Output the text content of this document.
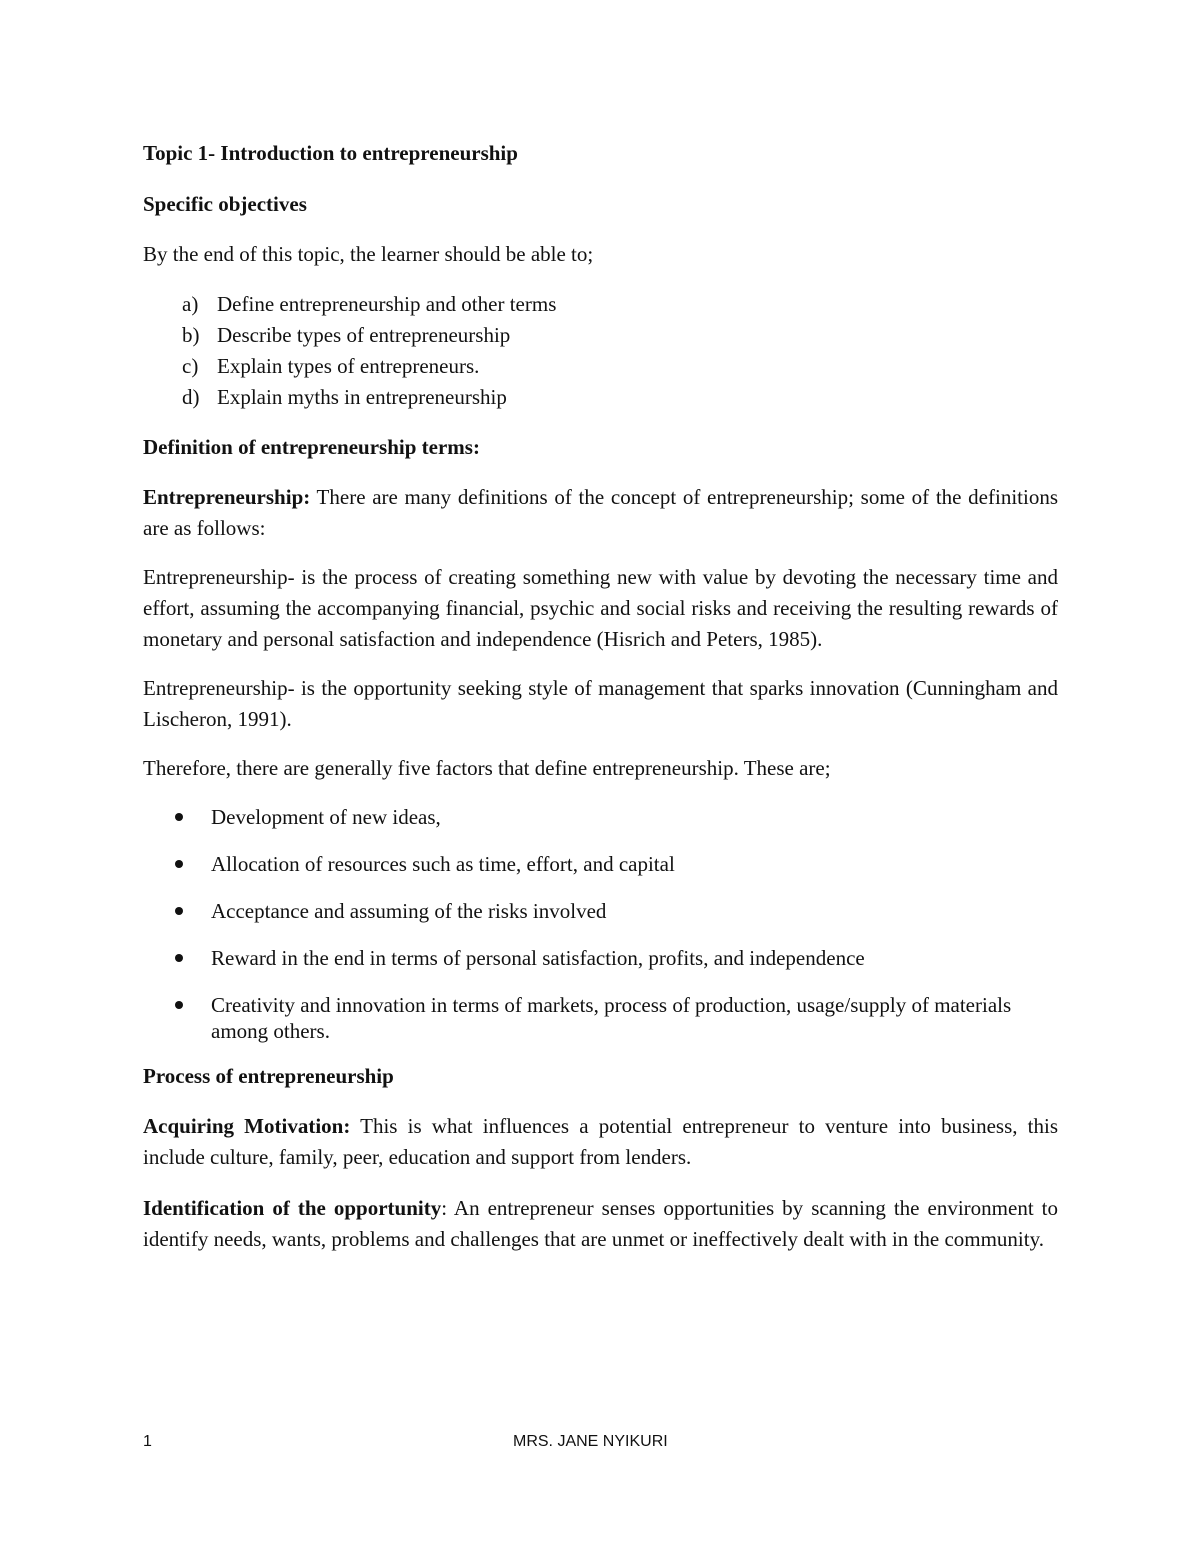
Topic 1- Introduction to entrepreneurship
Specific objectives
By the end of this topic, the learner should be able to;
a) Define entrepreneurship and other terms
b) Describe types of entrepreneurship
c) Explain types of entrepreneurs.
d) Explain myths in entrepreneurship
Definition of entrepreneurship terms:
Entrepreneurship: There are many definitions of the concept of entrepreneurship; some of the definitions are as follows:
Entrepreneurship- is the process of creating something new with value by devoting the necessary time and effort, assuming the accompanying financial, psychic and social risks and receiving the resulting rewards of monetary and personal satisfaction and independence (Hisrich and Peters, 1985).
Entrepreneurship- is the opportunity seeking style of management that sparks innovation (Cunningham and Lischeron, 1991).
Therefore, there are generally five factors that define entrepreneurship. These are;
Development of new ideas,
Allocation of resources such as time, effort, and capital
Acceptance and assuming of the risks involved
Reward in the end in terms of personal satisfaction, profits, and independence
Creativity and innovation in terms of markets, process of production, usage/supply of materials among others.
Process of entrepreneurship
Acquiring Motivation: This is what influences a potential entrepreneur to venture into business, this include culture, family, peer, education and support from lenders.
Identification of the opportunity: An entrepreneur senses opportunities by scanning the environment to identify needs, wants, problems and challenges that are unmet or ineffectively dealt with in the community.
1	MRS. JANE NYIKURI
